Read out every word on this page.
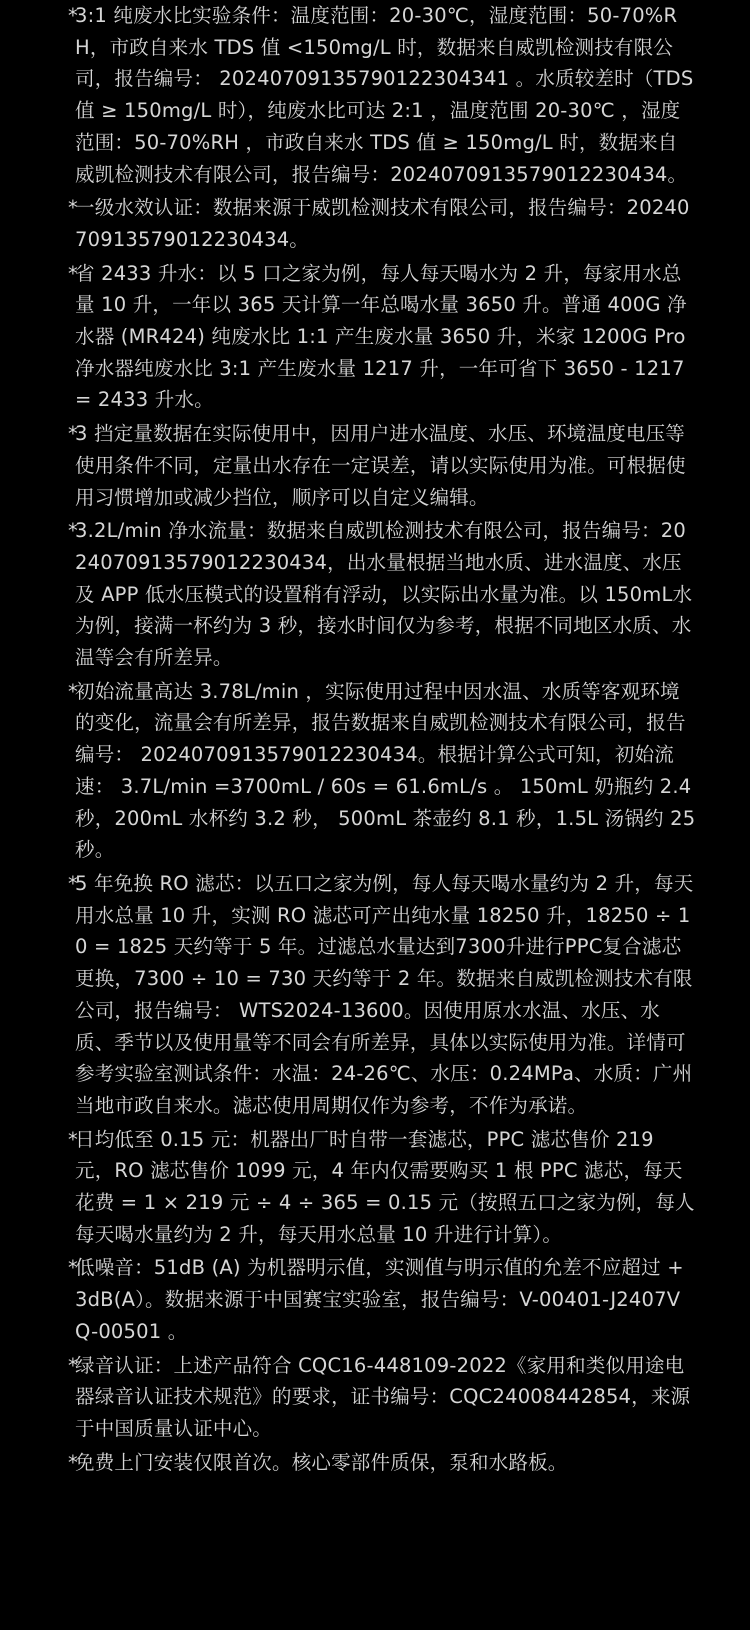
*
3:1 纯废水比实验条件：温度范围：20-30℃，湿度范围：50-70%RH，市政自来水 TDS 值 <150mg/L 时，数据来自威凯检测技有限公司，报告编号： 20240709135790122304341 。水质较差时（TDS 值 ≥ 150mg/L 时），纯废水比可达 2:1 ，温度范围 20-30℃ ，湿度范围：50-70%RH ，市政自来水 TDS 值 ≥ 150mg/L 时，数据来自威凯检测技术有限公司，报告编号：202407091357901223043​4。
*
一级水效认证：数据来源于威凯检测技术有限公司，报告编号：202407091357901223043​4。
*
省 2433 升水：以 5 口之家为例，每人每天喝水为 2 升，每家用水总量 10 升，一年以 365 天计算一年总喝水量 3650 升。普通 400G 净水器 (MR424) 纯废水比 1:1 产生废水量 3650 升，米家 1200G Pro 净水器纯废水比 3:1 产生废水量 1217 升，一年可省下 3650 - 1217 = 2433 升水。
*
3 挡定量数据在实际使用中，因用户进水温度、水压、环境温度电压等使用条件不同，定量出水存在一定误差，请以实际使用为准。可根据使用习惯增加或减少挡位，顺序可以自定义编辑。
*
3.2L/min 净水流量：数据来自威凯检测技术有限公司，报告编号：202407091357901223043​4，出水量根据当地水质、进水温度、水压及 APP 低水压模式的设置稍有浮动，以实际出水量为准。以 150mL水为例，接满一杯约为 3 秒，接水时间仅为参考，根据不同地区水质、水温等会有所差异。
*
初始流量高达 3.78L/min ，实际使用过程中因水温、水质等客观环境的变化，流量会有所差异，报告数据来自威凯检测技术有限公司，报告编号： 202407091357901223043​4。根据计算公式可知，初始流速： 3.7L/min =3700mL / 60s = 61.6mL/s 。 150mL 奶瓶约 2.4 秒，200mL 水杯约 3.2 秒， 500mL 茶壶约 8.1 秒，1.5L 汤锅约 25秒。
*
5 年免换 RO 滤芯：以五口之家为例，每人每天喝水量约为 2 升，每天用水总量 10 升，实测 RO 滤芯可产出纯水量 18250 升，18250 ÷ 10 = 1825 天约等于 5 年。过滤总水量达到7300升进行PPC复合滤芯更换，7300 ÷ 10 = 730 天约等于 2 年。数据来自威凯检测技术有限公司，报告编号： WTS2024-13600。因使用原水水温、水压、水质、季节以及使用量等不同会有所差异，具体以实际使用为准。详情可参考实验室测试条件：水温：24-26℃、水压：0.24MPa、水质：广州当地市政自来水。滤芯使用周期仅作为参考，不作为承诺。
*
日均低至 0.15 元：机器出厂时自带一套滤芯，PPC 滤芯售价 219 元，RO 滤芯售价 1099 元，4 年内仅需要购买 1 根 PPC 滤芯，每天花费 = 1 × 219 元 ÷ 4 ÷ 365 = 0.15 元（按照五口之家为例，每人每天喝水量约为 2 升，每天用水总量 10 升进行计算）。
*
低噪音：51dB (A) 为机器明示值，实测值与明示值的允差不应超过 +3dB(A）。数据来源于中国赛宝实验室，报告编号：V-00401-J2407VQ-00501 。
*
绿音认证：上述产品符合 CQC16-448109-2022《家用和类似用途电器绿音认证技术规范》的要求，证书编号：CQC24008442854，来源于中国质量认证中心。
*
免费上门安装仅限首次。核心零部件质保，泵和水路板。
